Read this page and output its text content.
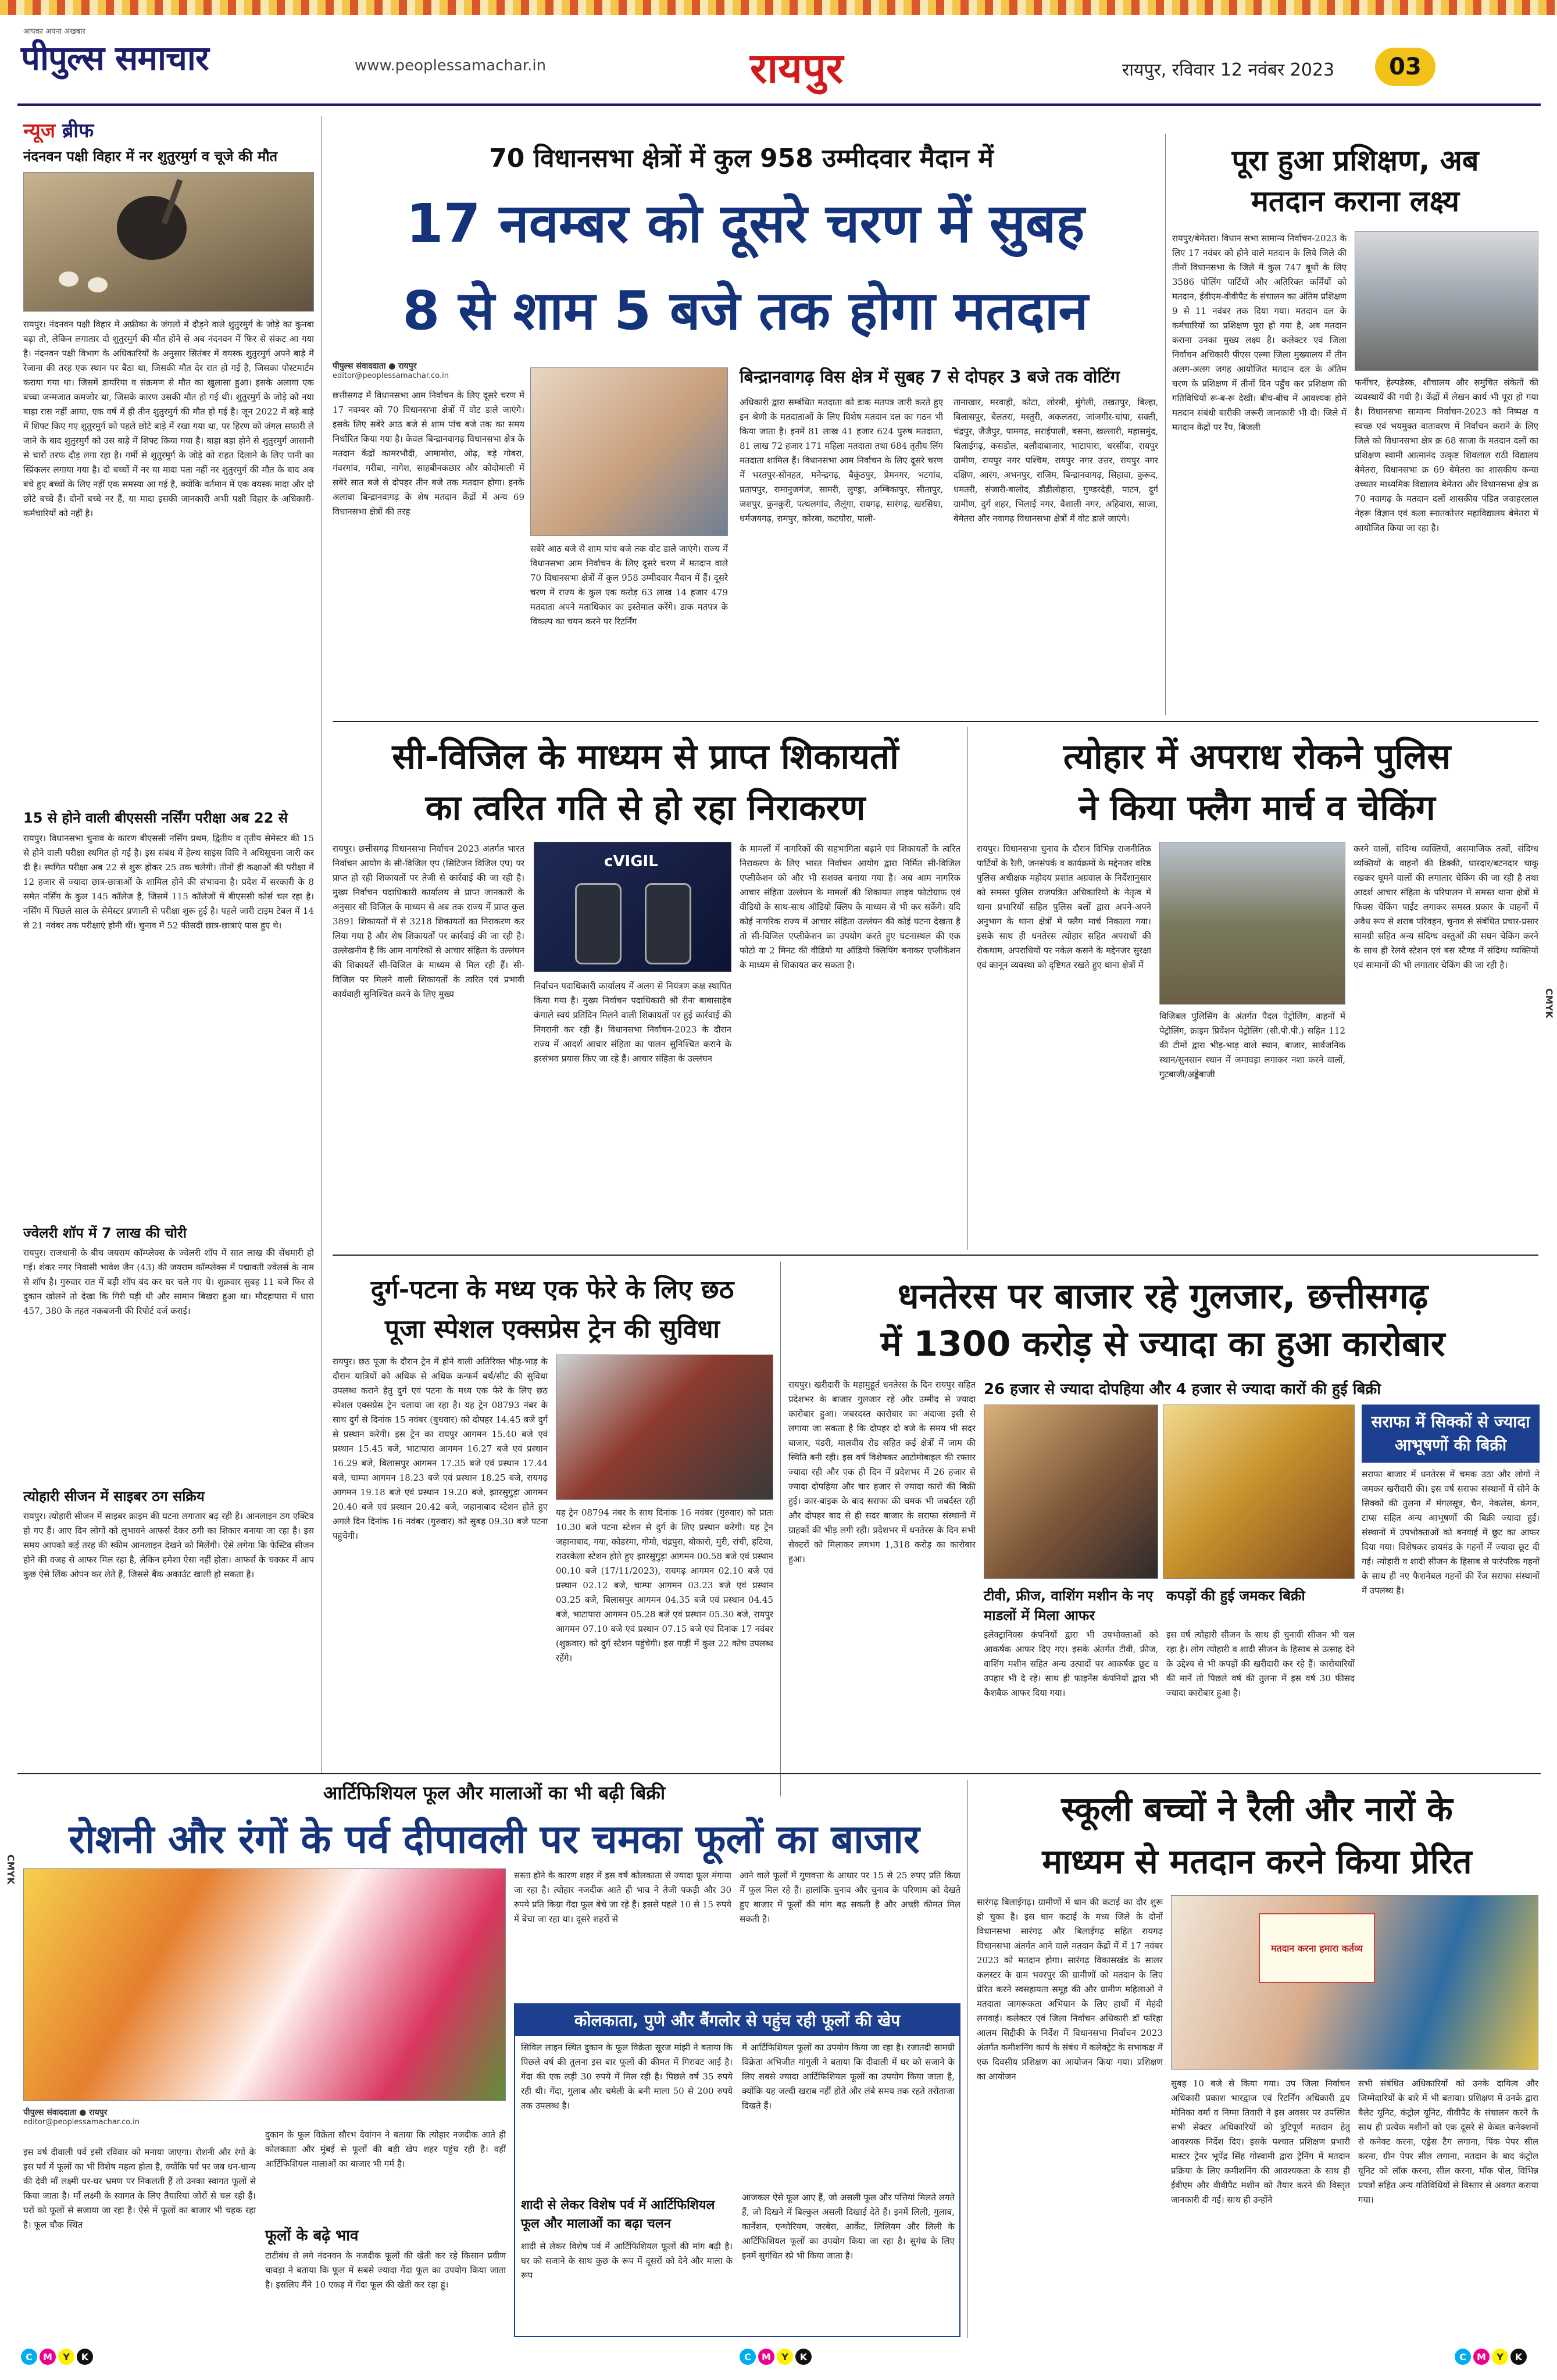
आपका अपना अखबार
पीपुल्स समाचार	www.peoplessamachar.in	रायपुर	रायपुर, रविवार 12 नवंबर 2023 03
CMYK
CMYK
न्यूज ब्रीफ
नंदनवन पक्षी विहार में नर शुतुरमुर्ग व चूजे की मौत
रायपुर। नंदनवन पक्षी विहार में अफ्रीका के जंगलों में दौड़ने वाले शुतुरमुर्ग के जोड़े का कुनबा बढ़ा तो, लेकिन लगातार दो शुतुरमुर्ग की मौत होने से अब नंदनवन में फिर से संकट आ गया है। नंदनवन पक्षी विभाग के अधिकारियों के अनुसार सितंबर में वयस्क शुतुरमुर्ग अपने बाड़े में रेजाना की तरह एक स्थान पर बैठा था, जिसकी मौत देर रात हो गई है, जिसका पोस्टमार्टम कराया गया था। जिसमें डायरिया व संक्रमण से मौत का खुलासा हुआ। इसके अलावा एक बच्चा जन्मजात कमजोर था, जिसके कारण उसकी मौत हो गई थी। शुतुरमुर्ग के जोड़े को नया बाड़ा रास नहीं आया, एक वर्ष में ही तीन शुतुरमुर्ग की मौत हो गई है। जून 2022 में बड़े बाड़े में शिफ्ट किए गए शुतुरमुर्ग को पहले छोटे बाड़े में रखा गया था, पर हिरण को जंगल सफारी ले जाने के बाद शुतुरमुर्ग को उस बाड़े में शिफ्ट किया गया है। बाड़ा बड़ा होने से शुतुरमुर्ग आसानी से चारों तरफ दौड़ लगा रहा है। गर्मी से शुतुरमुर्ग के जोड़े को राहत दिलाने के लिए पानी का स्प्रिंकलर लगाया गया है। दो बच्चों में नर या मादा पता नहीं नर शुतुरमुर्ग की मौत के बाद अब बचे हुए बच्चों के लिए नहीं एक समस्या आ गई है, क्योंकि वर्तमान में एक वयस्क मादा और दो छोटे बच्चे हैं। दोनों बच्चे नर हैं, या मादा इसकी जानकारी अभी पक्षी विहार के अधिकारी-कर्मचारियों को नहीं है।
15 से होने वाली बीएससी नर्सिंग परीक्षा अब 22 से
रायपुर। विधानसभा चुनाव के कारण बीएससी नर्सिंग प्रथम, द्वितीय व तृतीय सेमेस्टर की 15 से होने वाली परीक्षा स्थगित हो गई है। इस संबंध में हेल्थ साइंस विवि ने अधिसूचना जारी कर दी है। स्थगित परीक्षा अब 22 से शुरू होकर 25 तक चलेगी। तीनों ही कक्षाओं की परीक्षा में 12 हजार से ज्यादा छात्र-छात्राओं के शामिल होने की संभावना है। प्रदेश में सरकारी के 8 समेत नर्सिंग के कुल 145 कॉलेज हैं, जिसमें 115 कॉलेजों में बीएससी कोर्स चल रहा है। नर्सिंग में पिछले साल के सेमेस्टर प्रणाली से परीक्षा शुरू हुई है। पहले जारी टाइम टेबल में 14 से 21 नवंबर तक परीक्षाएं होनी थीं। चुनाव में 52 फीसदी छात्र-छात्राएं पास हुए थे।
ज्वेलरी शॉप में 7 लाख की चोरी
रायपुर। राजधानी के बीच जयराम कॉम्प्लेक्स के ज्वेलरी शॉप में सात लाख की सेंधमारी हो गई। शंकर नगर निवासी भावेश जैन (43) की जयराम कॉम्प्लेक्स में पद्मावती ज्वेलर्स के नाम से शॉप है। गुरुवार रात में बड़ी शॉप बंद कर घर चले गए थे। शुक्रवार सुबह 11 बजे फिर से दुकान खोलने तो देखा कि गिरी पड़ी थी और सामान बिखरा हुआ था। मौदहापारा में धारा 457, 380 के तहत नकबजनी की रिपोर्ट दर्ज कराई।
त्योहारी सीजन में साइबर ठग सक्रिय
रायपुर। त्योहारी सीजन में साइबर क्राइम की घटना लगातार बढ़ रही है। आनलाइन ठग एक्टिव हो गए हैं। आए दिन लोगों को लुभावने आफर्स देकर ठगी का शिकार बनाया जा रहा है। इस समय आपको कई तरह की स्कीम आनलाइन देखने को मिलेंगी। ऐसे लगेगा कि फेस्टिव सीजन होने की वजह से आफर मिल रहा है, लेकिन हमेशा ऐसा नहीं होता। आफर्स के चक्कर में आप कुछ ऐसे लिंक ओपन कर लेते हैं, जिससे बैंक अकाउंट खाली हो सकता है।
70 विधानसभा क्षेत्रों में कुल 958 उम्मीदवार मैदान में
17 नवम्बर को दूसरे चरण में सुबह
8 से शाम 5 बजे तक होगा मतदान
पीपुल्स संवाददाता ● रायपुर
editor@peoplessamachar.co.in
छत्तीसगढ़ में विधानसभा आम निर्वाचन के लिए दूसरे चरण में 17 नवम्बर को 70 विधानसभा क्षेत्रों में वोट डाले जाएंगे। इसके लिए सबेरे आठ बजे से शाम पांच बजे तक का समय निर्धारित किया गया है। केवल बिन्द्रानवागढ़ विधानसभा क्षेत्र के मतदान केंद्रों कामरभौदी, आमामोरा, ओढ़, बड़े गोबरा, गंवरगांव, गरीबा, नागेश, साहबीनकछार और कोदोमाली में सबेरे सात बजे से दोपहर तीन बजे तक मतदान होगा। इनके अलावा बिन्द्रानवागढ़ के शेष मतदान केंद्रों में अन्य 69 विधानसभा क्षेत्रों की तरह
सबेरे आठ बजे से शाम पांच बजे तक वोट डाले जाएंगे। राज्य में विधानसभा आम निर्वाचन के लिए दूसरे चरण में मतदान वाले 70 विधानसभा क्षेत्रों में कुल 958 उम्मीदवार मैदान में हैं। दूसरे चरण में राज्य के कुल एक करोड़ 63 लाख 14 हजार 479 मतदाता अपने मताधिकार का इस्तेमाल करेंगे। डाक मतपत्र के विकल्प का चयन करने पर रिटर्निंग
बिन्द्रानवागढ़ विस क्षेत्र में सुबह 7 से दोपहर 3 बजे तक वोटिंग
अधिकारी द्वारा सम्बंधित मतदाता को डाक मतपत्र जारी करते हुए इन श्रेणी के मतदाताओं के लिए विशेष मतदान दल का गठन भी किया जाता है। इनमें 81 लाख 41 हजार 624 पुरुष मतदाता, 81 लाख 72 हजार 171 महिला मतदाता तथा 684 तृतीय लिंग मतदाता शामिल हैं। विधानसभा आम निर्वाचन के लिए दूसरे चरण में भरतपुर-सोनहत, मनेन्द्रगढ़, बैकुंठपुर, प्रेमनगर, भटगांव, प्रतापपुर, रामानुजगंज, सामरी, लुण्ड्रा, अम्बिकापुर, सीतापुर, जशपुर, कुनकुरी, पत्थलगांव, लैलूंगा, रायगढ़, सारंगढ़, खरसिया, धर्मजयगढ़, रामपुर, कोरबा, कटघोरा, पाली-
तानाखार, मरवाही, कोटा, लोरमी, मुंगेली, तखतपुर, बिल्हा, बिलासपुर, बेलतरा, मस्तुरी, अकलतरा, जांजगीर-चांपा, सक्ती, चंद्रपुर, जैजैपुर, पामगढ़, सराईपाली, बसना, खल्लारी, महासमुंद, बिलाईगढ़, कसडोल, बलौदाबाजार, भाटापारा, धरसींवा, रायपुर ग्रामीण, रायपुर नगर पश्चिम, रायपुर नगर उत्तर, रायपुर नगर दक्षिण, आरंग, अभनपुर, राजिम, बिन्द्रानवागढ़, सिहावा, कुरूद, धमतरी, संजारी-बालोद, डौंडीलोहारा, गुण्डरदेही, पाटन, दुर्ग ग्रामीण, दुर्ग शहर, भिलाई नगर, वैशाली नगर, अहिवारा, साजा, बेमेतरा और नवागढ़ विधानसभा क्षेत्रों में वोट डाले जाएंगे।
पूरा हुआ प्रशिक्षण, अब
मतदान कराना लक्ष्य
रायपुर/बेमेतरा। विधान सभा सामान्य निर्वाचन-2023 के लिए 17 नवंबर को होने वाले मतदान के लिये जिले की तीनों विधानसभा के जिले में कुल 747 बूथों के लिए 3586 पोलिंग पार्टियों और अतिरिक्त कर्मियों को मतदान, ईवीएम-वीवीपैट के संचालन का अंतिम प्रशिक्षण 9 से 11 नवंबर तक दिया गया। मतदान दल के कर्मचारियों का प्रशिक्षण पूरा हो गया है, अब मतदान कराना उनका मुख्य लक्ष्य है। कलेक्टर एवं जिला निर्वाचन अधिकारी पीएस एल्मा जिला मुख्यालय में तीन अलग-अलग जगह आयोजित मतदान दल के अंतिम चरण के प्रशिक्षण में तीनों दिन पहुँच कर प्रशिक्षण की गतिविधियों रू-ब-रू देखी। बीच-बीच में आवश्यक होने मतदान संबंधी बारीकी जरूरी जानकारी भी दी। जिले में मतदान केंद्रों पर रैंप, बिजली
फर्नीचर, हेल्पडेस्क, शौचालय और समुचित संकेतों की व्यवस्थायें की गयी है। केंद्रों में लेखन कार्य भी पूरा हो गया है। विधानसभा सामान्य निर्वाचन-2023 को निष्पक्ष व स्वच्छ एवं भयमुक्त वातावरण में निर्वाचन कराने के लिए जिले को विधानसभा क्षेत्र क्र 68 साजा के मतदान दलों का प्रशिक्षण स्वामी आत्मानंद उत्कृष्ट शिवलाल राठी विद्यालय बेमेतरा, विधानसभा क्र 69 बेमेतरा का शासकीय कन्या उच्चतर माध्यमिक विद्यालय बेमेतरा और विधानसभा क्षेत्र क्र 70 नवागढ़ के मतदान दलों शासकीय पंडित जवाहरलाल नेहरू विज्ञान एवं कला स्नातकोत्तर महाविद्यालय बेमेतरा में आयोजित किया जा रहा है।
सी-विजिल के माध्यम से प्राप्त शिकायतों
का त्वरित गति से हो रहा निराकरण
रायपुर। छत्तीसगढ़ विधानसभा निर्वाचन 2023 अंतर्गत भारत निर्वाचन आयोग के सी-विजिल एप (सिटिजन विजिल एप) पर प्राप्त हो रही शिकायतों पर तेजी से कार्रवाई की जा रही है। मुख्य निर्वाचन पदाधिकारी कार्यालय से प्राप्त जानकारी के अनुसार सी विजिल के माध्यम से अब तक राज्य में प्राप्त कुल 3891 शिकायतों में से 3218 शिकायतों का निराकरण कर लिया गया है और शेष शिकायतों पर कार्रवाई की जा रही है। उल्लेखनीय है कि आम नागरिकों से आचार संहिता के उल्लंघन की शिकायतें सी-विजिल के माध्यम से मिल रही हैं। सी-विजिल पर मिलने वाली शिकायतों के त्वरित एवं प्रभावी कार्यवाही सुनिश्चित करने के लिए मुख्य
cVIGIL
निर्वाचन पदाधिकारी कार्यालय में अलग से नियंत्रण कक्ष स्थापित किया गया है। मुख्य निर्वाचन पदाधिकारी श्री रीना बाबासाहेब कंगाले स्वयं प्रतिदिन मिलने वाली शिकायतों पर हुई कार्रवाई की निगरानी कर रही हैं। विधानसभा निर्वाचन-2023 के दौरान राज्य में आदर्श आचार संहिता का पालन सुनिश्चित कराने के हरसंभव प्रयास किए जा रहे हैं। आचार संहिता के उल्लंघन
के मामलों में नागरिकों की सहभागिता बढ़ाने एवं शिकायतों के त्वरित निराकरण के लिए भारत निर्वाचन आयोग द्वारा निर्मित सी-विजिल एप्लीकेशन को और भी सशक्त बनाया गया है। अब आम नागरिक आचार संहिता उल्लंघन के मामलों की शिकायत लाइव फोटोग्राफ एवं वीडियो के साथ-साथ ऑडियो क्लिप के माध्यम से भी कर सकेंगे। यदि कोई नागरिक राज्य में आचार संहिता उल्लंघन की कोई घटना देखता है तो सी-विजिल एप्लीकेशन का उपयोग करते हुए घटनास्थल की एक फोटो या 2 मिनट की वीडियो या ऑडियो क्लिपिंग बनाकर एप्लीकेशन के माध्यम से शिकायत कर सकता है।
त्योहार में अपराध रोकने पुलिस
ने किया फ्लैग मार्च व चेकिंग
रायपुर। विधानसभा चुनाव के दौरान विभिन्न राजनीतिक पार्टियों के रैली, जनसंपर्क व कार्यक्रमों के मद्देनजर वरिष्ठ पुलिस अधीक्षक महोदय प्रशांत अग्रवाल के निर्देशानुसार को समस्त पुलिस राजपत्रित अधिकारियों के नेतृत्व में थाना प्रभारियों सहित पुलिस बलों द्वारा अपने-अपने अनुभाग के थाना क्षेत्रों में फ्लैग मार्च निकाला गया। इसके साथ ही धनतेरस त्योहार सहित अपराधों की रोकथाम, अपराधियों पर नकेल कसने के मद्देनजर सुरक्षा एवं कानून व्यवस्था को दृष्टिगत रखते हुए थाना क्षेत्रों में
विजिबल पुलिसिंग के अंतर्गत पैदल पेट्रोलिंग, वाहनों में पेट्रोलिंग, क्राइम प्रिवेंशन पेट्रोलिंग (सी.पी.पी.) सहित 112 की टीमों द्वारा भीड़-भाड़ वाले स्थान, बाजार, सार्वजनिक स्थान/सुनसान स्थान में जमावड़ा लगाकर नशा करने वालों, गुटबाजी/अड्डेबाजी
करने वालों, संदिग्ध व्यक्तियों, असमाजिक तत्वों, संदिग्ध व्यक्तियों के वाहनों की डिक्की, धारदार/बटनदार चाकू रखकर घूमने वालों की लगातार चेकिंग की जा रही है तथा आदर्श आचार संहिता के परिपालन में समस्त थाना क्षेत्रों में फिक्स चेकिंग पाईंट लगाकर समस्त प्रकार के वाहनों में अवैध रूप से शराब परिवहन, चुनाव से संबंधित प्रचार-प्रसार सामग्री सहित अन्य संदिग्ध वस्तुओं की सघन चेकिंग करने के साथ ही रेलवे स्टेशन एवं बस स्टैण्ड में संदिग्ध व्यक्तियों एवं सामानों की भी लगातार चेकिंग की जा रही है।
दुर्ग-पटना के मध्य एक फेरे के लिए छठ
पूजा स्पेशल एक्सप्रेस ट्रेन की सुविधा
रायपुर। छठ पूजा के दौरान ट्रेन में होने वाली अतिरिक्त भीड़-भाड़ के दौरान यात्रियों को अधिक से अधिक कन्फर्म बर्थ/सीट की सुविधा उपलब्ध कराने हेतु दुर्ग एवं पटना के मध्य एक फेरे के लिए छठ स्पेशल एक्सप्रेस ट्रेन चलाया जा रहा है। यह ट्रेन 08793 नंबर के साथ दुर्ग से दिनांक 15 नवंबर (बुधवार) को दोपहर 14.45 बजे दुर्ग से प्रस्थान करेगी। इस ट्रेन का रायपुर आगमन 15.40 बजे एवं प्रस्थान 15.45 बजे, भाटापारा आगमन 16.27 बजे एवं प्रस्थान 16.29 बजे, बिलासपुर आगमन 17.35 बजे एवं प्रस्थान 17.44 बजे, चाम्पा आगमन 18.23 बजे एवं प्रस्थान 18.25 बजे, रायगढ़ आगमन 19.18 बजे एवं प्रस्थान 19.20 बजे, झारसुगुड़ा आगमन 20.40 बजे एवं प्रस्थान 20.42 बजे, जहानाबाद स्टेशन होते हुए अगले दिन दिनांक 16 नवंबर (गुरुवार) को सुबह 09.30 बजे पटना पहुंचेगी।
यह ट्रेन 08794 नंबर के साथ दिनांक 16 नवंबर (गुरुवार) को प्रातः 10.30 बजे पटना स्टेशन से दुर्ग के लिए प्रस्थान करेगी। यह ट्रेन जहानाबाद, गया, कोडरमा, गोमो, चंद्रपुरा, बोकारो, मुरी, रांची, हटिया, राउरकेला स्टेशन होते हुए झारसुगुड़ा आगमन 00.58 बजे एवं प्रस्थान 00.10 बजे (17/11/2023), रायगढ़ आगमन 02.10 बजे एवं प्रस्थान 02.12 बजे, चाम्पा आगमन 03.23 बजे एवं प्रस्थान 03.25 बजे, बिलासपुर आगमन 04.35 बजे एवं प्रस्थान 04.45 बजे, भाटापारा आगमन 05.28 बजे एवं प्रस्थान 05.30 बजे, रायपुर आगमन 07.10 बजे एवं प्रस्थान 07.15 बजे एवं दिनांक 17 नवंबर (शुक्रवार) को दुर्ग स्टेशन पहुंचेगी। इस गाड़ी में कुल 22 कोच उपलब्ध रहेंगे।
धनतेरस पर बाजार रहे गुलजार, छत्तीसगढ़
में 1300 करोड़ से ज्यादा का हुआ कारोबार
रायपुर। खरीदारी के महामुहूर्त धनतेरस के दिन रायपुर सहित प्रदेशभर के बाजार गुलजार रहे और उम्मीद से ज्यादा कारोबार हुआ। जबरदस्त कारोबार का अंदाजा इसी से लगाया जा सकता है कि दोपहर दो बजे के समय भी सदर बाजार, पंडरी, मालवीय रोड सहित कई क्षेत्रों में जाम की स्थिति बनी रही। इस वर्ष विशेषकर आटोमोबाइल की रफ्तार ज्यादा रही और एक ही दिन में प्रदेशभर में 26 हजार से ज्यादा दोपहिया और चार हजार से ज्यादा कारों की बिक्री हुई। कार-बाइक के बाद सराफा की चमक भी जबर्दस्त रही और दोपहर बाद से ही सदर बाजार के सराफा संस्थानों में ग्राहकों की भीड़ लगी रही। प्रदेशभर में धनतेरस के दिन सभी सेक्टरों को मिलाकर लगभग 1,318 करोड़ का कारोबार हुआ।
26 हजार से ज्यादा दोपहिया और 4 हजार से ज्यादा कारों की हुई बिक्री
टीवी, फ्रीज, वाशिंग मशीन के नए माडलों में मिला आफर
इलेक्ट्रानिक्स कंपनियों द्वारा भी उपभोक्ताओं को आकर्षक आफर दिए गए। इसके अंतर्गत टीवी, फ्रीज, वाशिंग मशीन सहित अन्य उत्पादों पर आकर्षक छूट व उपहार भी दे रहे। साथ ही फाइनेंस कंपनियों द्वारा भी कैशबैक आफर दिया गया।
कपड़ों की हुई जमकर बिक्री
इस वर्ष त्योहारी सीजन के साथ ही चुनावी सीजन भी चल रहा है। लोग त्योहारी व शादी सीजन के हिसाब से उत्साह देने के उद्देश्य से भी कपड़ों की खरीदारी कर रहे हैं। कारोबारियों की मानें तो पिछले वर्ष की तुलना में इस वर्ष 30 फीसद ज्यादा कारोबार हुआ है।
सराफा में सिक्कों से ज्यादा आभूषणों की बिक्री
सराफा बाजार में धनतेरस में चमक उठा और लोगों ने जमकर खरीदारी की। इस वर्ष सराफा संस्थानों में सोने के सिक्कों की तुलना में मंगलसूत्र, चैन, नेकलेस, कंगन, टाप्स सहित अन्य आभूषणों की बिक्री ज्यादा हुई। संस्थानों में उपभोक्ताओं को बनवाई में छूट का आफर दिया गया। विशेषकर डायमंड के गहनों में ज्यादा छूट दी गई। त्योहारी व शादी सीजन के हिसाब से पारंपरिक गहनों के साथ ही नए फैशनेबल गहनों की रेंज सराफा संस्थानों में उपलब्ध है।
आर्टिफिशियल फूल और मालाओं का भी बढ़ी बिक्री
रोशनी और रंगों के पर्व दीपावली पर चमका फूलों का बाजार
पीपुल्स संवाददाता ● रायपुर
editor@peoplessamachar.co.in
इस वर्ष दीवाली पर्व इसी रविवार को मनाया जाएगा। रोशनी और रंगों के इस पर्व में फूलों का भी विशेष महत्व होता है, क्योंकि पर्व पर जब धन-धान्य की देवी माँ लक्ष्मी घर-घर भ्रमण पर निकलती हैं तो उनका स्वागत फूलों से किया जाता है। माँ लक्ष्मी के स्वागत के लिए तैयारियां जोरों से चल रही हैं। घरों को फूलों से सजाया जा रहा है। ऐसे में फूलों का बाजार भी चहक रहा है। फूल चौक स्थित
दुकान के फूल विक्रेता सौरभ देवांगन ने बताया कि त्योहार नजदीक आते ही कोलकाता और मुंबई से फूलों की बड़ी खेप शहर पहुंच रही है। वहीं आर्टिफिशियल मालाओं का बाजार भी गर्म है।
फूलों के बढ़े भाव
टाटीबंध से लगे नंदनवन के नजदीक फूलों की खेती कर रहे किसान प्रवीण चावड़ा ने बताया कि फूल में सबसे ज्यादा गेंदा फूल का उपयोग किया जाता है। इसलिए मैंने 10 एकड़ में गेंदा फूल की खेती कर रहा हूं।
सस्ता होने के कारण शहर में इस वर्ष कोलकाता से ज्यादा फूल मंगाया जा रहा है। त्योहार नजदीक आते ही भाव ने तेजी पकड़ी और 30 रुपये प्रति किग्रा गेंदा फूल बेचे जा रहे हैं। इससे पहले 10 से 15 रुपये में बेचा जा रहा था। दूसरे शहरों से
आने वाले फूलों में गुणवत्ता के आधार पर 15 से 25 रुपए प्रति किग्रा में फूल मिल रहे हैं। हालांकि चुनाव और चुनाव के परिणाम को देखते हुए बाजार में फूलों की मांग बढ़ सकती है और अच्छी कीमत मिल सकती है।
कोलकाता, पुणे और बैंगलोर से पहुंच रही फूलों की खेप
सिविल लाइन स्थित दुकान के फूल विक्रेता सूरज मांझी ने बताया कि पिछले वर्ष की तुलना इस बार फूलों की कीमत में गिरावट आई है। गेंदा की एक लड़ी 30 रुपये में मिल रही है। पिछले वर्ष 35 रुपये रही थी। गेंदा, गुलाब और चमेली के बनी माला 50 से 200 रुपये तक उपलब्ध है।
शादी से लेकर विशेष पर्व में आर्टिफिशियल फूल और मालाओं का बढ़ा चलन
शादी से लेकर विशेष पर्व में आर्टिफिशियल फूलों की मांग बढ़ी है। घर को सजाने के साथ कुछ के रूप में दूसरों को देने और माला के रूप
में आर्टिफिशियल फूलों का उपयोग किया जा रहा है। रजातदी सामग्री विक्रेता अभिजीत गांगुली ने बताया कि दीवाली में घर को सजाने के लिए सबसे ज्यादा आर्टिफिशियल फूलों का उपयोग किया जाता है, क्योंकि यह जल्दी खराब नहीं होते और लंबे समय तक रहते तरोताजा दिखते हैं।
आजकल ऐसे फूल आए हैं, जो असली फूल और पत्तियां मिलते लगते हैं, जो दिखने में बिल्कुल असली दिखाई देते हैं। इनमें लिली, गुलाब, कार्नेशन, एन्थोरियम, जरबेरा, आर्केट, लिलियम और लिली के आर्टिफिशियल फूलों का उपयोग किया जा रहा है। सुगंध के लिए इनमें सुगंधित स्प्रे भी किया जाता है।
स्कूली बच्चों ने रैली और नारों के
माध्यम से मतदान करने किया प्रेरित
सारंगढ़ बिलाईगढ़। ग्रामीणों में धान की कटाई का दौर शुरू हो चुका है। इस धान कटाई के मध्य जिले के दोनों विधानसभा सारंगढ़ और बिलाईगढ़ सहित रायगढ़ विधानसभा अंतर्गत आने वाले मतदान केंद्रों में में 17 नवंबर 2023 को मतदान होगा। सारंगढ़ विकासखंड के सालर कलस्टर के ग्राम भवरपुर की ग्रामीणों को मतदान के लिए प्रेरित करने स्वसहायता समूह की और ग्रामीण महिलाओं ने मतदाता जागरूकता अभियान के लिए हाथों में मेहंदी लगवाई। कलेक्टर एवं जिला निर्वाचन अधिकारी डॉ फरिहा आलम सिद्दीकी के निर्देश में विधानसभा निर्वाचन 2023 अंतर्गत कमीशनिंग कार्य के संबंध में कलेक्ट्रेट के सभाकक्ष में एक दिवसीय प्रशिक्षण का आयोजन किया गया। प्रशिक्षण का आयोजन
मतदान करना हमारा कर्तव्य
सुबह 10 बजे से किया गया। उप जिला निर्वाचन अधिकारी प्रकाश भारद्वाज एवं रिटर्निंग अधिकारी द्वय मोनिका वर्मा व निग्मा तिवारी ने इस अवसर पर उपस्थित सभी सेक्टर अधिकारियों को त्रुटिपूर्ण मतदान हेतु आवश्यक निर्देश दिए। इसके पश्चात प्रशिक्षण प्रभारी मास्टर ट्रेनर भूपेंद्र सिंह गोस्वामी द्वारा ट्रेनिंग में मतदान प्रक्रिया के लिए कमीशनिंग की आवश्यकता के साथ ही ईवीएम और वीवीपैट मशीन को तैयार करने की विस्तृत जानकारी दी गई। साथ ही उन्होंने
सभी संबंधित अधिकारियों को उनके दायित्व और जिम्मेदारियों के बारे में भी बताया। प्रशिक्षण में उनके द्वारा बैलेट यूनिट, कंट्रोल यूनिट, वीवीपैट के संचालन करने के साथ ही प्रत्येक मशीनों को एक दूसरे से केबल कनेक्शनों से कनेक्ट करना, एड्रेस टैग लगाना, पिंक पेपर सील करना, ग्रीन पेपर सील लगाना, मतदान के बाद कंट्रोल यूनिट को लॉक करना, सील करना, मॉक पोल, विभिन्न प्रपत्रों सहित अन्य गतिविधियों से विस्तार से अवगत कराया गया।
C M Y K	C M Y K	C M Y K
